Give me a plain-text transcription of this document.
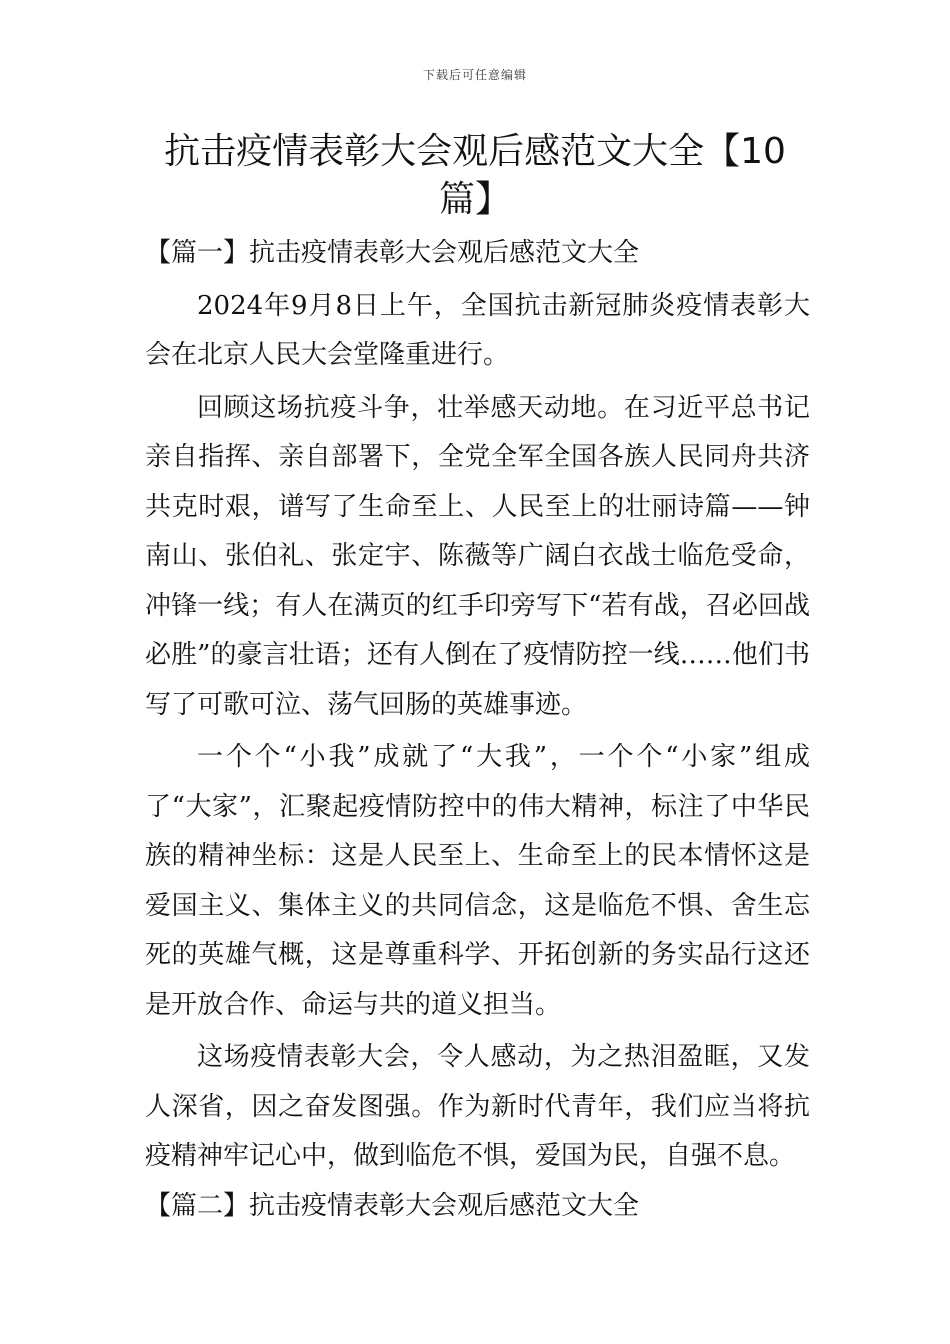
下载后可任意编辑
抗击疫情表彰大会观后感范文大全【10篇】

【篇一】抗击疫情表彰大会观后感范文大全

2024年9月8日上午，全国抗击新冠肺炎疫情表彰大会在北京人民大会堂隆重进行。

回顾这场抗疫斗争，壮举感天动地。在习近平总书记亲自指挥、亲自部署下，全党全军全国各族人民同舟共济共克时艰，谱写了生命至上、人民至上的壮丽诗篇——钟南山、张伯礼、张定宇、陈薇等广阔白衣战士临危受命，冲锋一线；有人在满页的红手印旁写下“若有战，召必回战必胜”的豪言壮语；还有人倒在了疫情防控一线……他们书写了可歌可泣、荡气回肠的英雄事迹。

一个个“小我”成就了“大我”，一个个“小家”组成了“大家”，汇聚起疫情防控中的伟大精神，标注了中华民族的精神坐标：这是人民至上、生命至上的民本情怀这是爱国主义、集体主义的共同信念，这是临危不惧、舍生忘死的英雄气概，这是尊重科学、开拓创新的务实品行这还是开放合作、命运与共的道义担当。

这场疫情表彰大会，令人感动，为之热泪盈眶，又发人深省，因之奋发图强。作为新时代青年，我们应当将抗疫精神牢记心中，做到临危不惧，爱国为民，自强不息。

【篇二】抗击疫情表彰大会观后感范文大全
